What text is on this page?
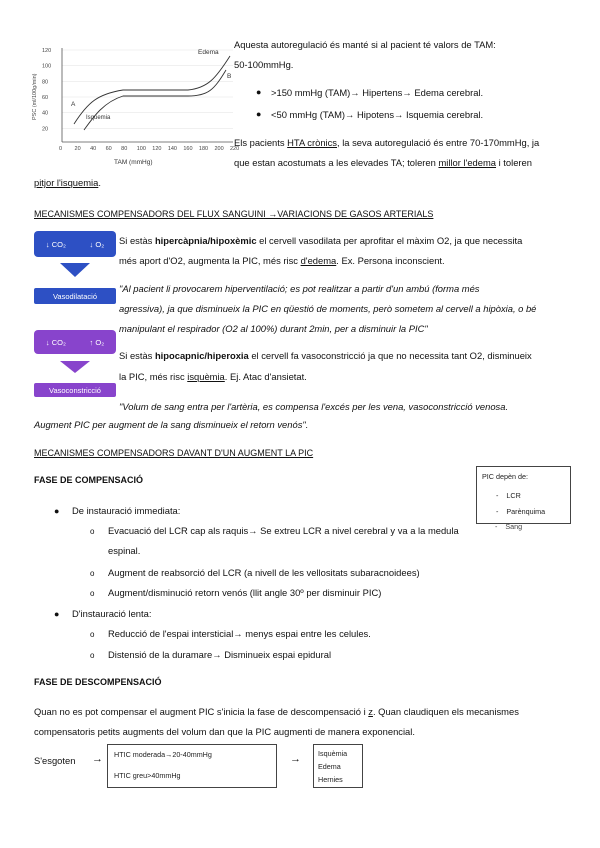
120
100
80
60
40
20
0 20 40 60 80 100 120 140 160 180 200 220
Edema
A
B
Isquemia
PSC (ml/100g/min)
TAM (mmHg)
Aquesta autoregulació és manté si al pacient té valors de TAM:
50-100mmHg.
● >150 mmHg (TAM)→ Hipertens→ Edema cerebral.
● <50 mmHg (TAM)→ Hipotens→ Isquemia cerebral.
Els pacients HTA crònics, la seva autoregulació és entre 70-170mmHg, ja
que estan acostumats a les elevades TA; toleren millor l'edema i toleren
pitjor l'isquemia.
MECANISMES COMPENSADORS DEL FLUX SANGUINI →VARIACIONS DE GASOS ARTERIALS
↓ CO₂	↓ O₂
Vasodilatació
↓ CO₂	↑ O₂
Vasoconstricció
Si estàs hipercàpnia/hipoxèmic el cervell vasodilata per aprofitar el màxim O2, ja que necessita
més aport d'O2, augmenta la PIC, més risc d'edema. Ex. Persona inconscient.
"Al pacient li provocarem hiperventilació; es pot realitzar a partir d'un ambú (forma més
agressiva), ja que disminueix la PIC en qüestió de moments, però sometem al cervell a hipòxia, o bé
manipulant el respirador (O2 al 100%) durant 2min, per a disminuir la PIC"
Si estàs hipocapnic/hiperoxia el cervell fa vasoconstricció ja que no necessita tant O2, disminueix
la PIC, més risc isquèmia. Ej. Atac d'ansietat.
"Volum de sang entra per l'artèria, es compensa l'excés per les vena, vasoconstricció venosa.
Augment PIC per augment de la sang disminueix el retorn venós".
MECANISMES COMPENSADORS DAVANT D'UN AUGMENT LA PIC
FASE DE COMPENSACIÓ	PIC depèn de:
-    LCR
-    Parènquima
-    Sang
● De instauració immediata:
o Evacuació del LCR cap als raquis→ Se extreu LCR a nivel cerebral y va a la medula
espinal.
o Augment de reabsorció del LCR (a nivell de les vellositats subaracnoidees)
o Augment/disminució retorn venós (llit angle 30º per disminuir PIC)
● D'instauració lenta:
o Reducció de l'espai intersticial→ menys espai entre les celules.
o Distensió de la duramare→ Disminueix espai epidural
FASE DE DESCOMPENSACIÓ
Quan no es pot compensar el augment PIC s'inicia la fase de descompensació i z. Quan claudiquen els mecanismes
compensatoris petits augments del volum dan que la PIC augmenti de manera exponencial.
S'esgoten → HTIC moderada→20-40mmHg
HTIC greu>40mmHg
→ Isquèmia
Edema
Hernies
